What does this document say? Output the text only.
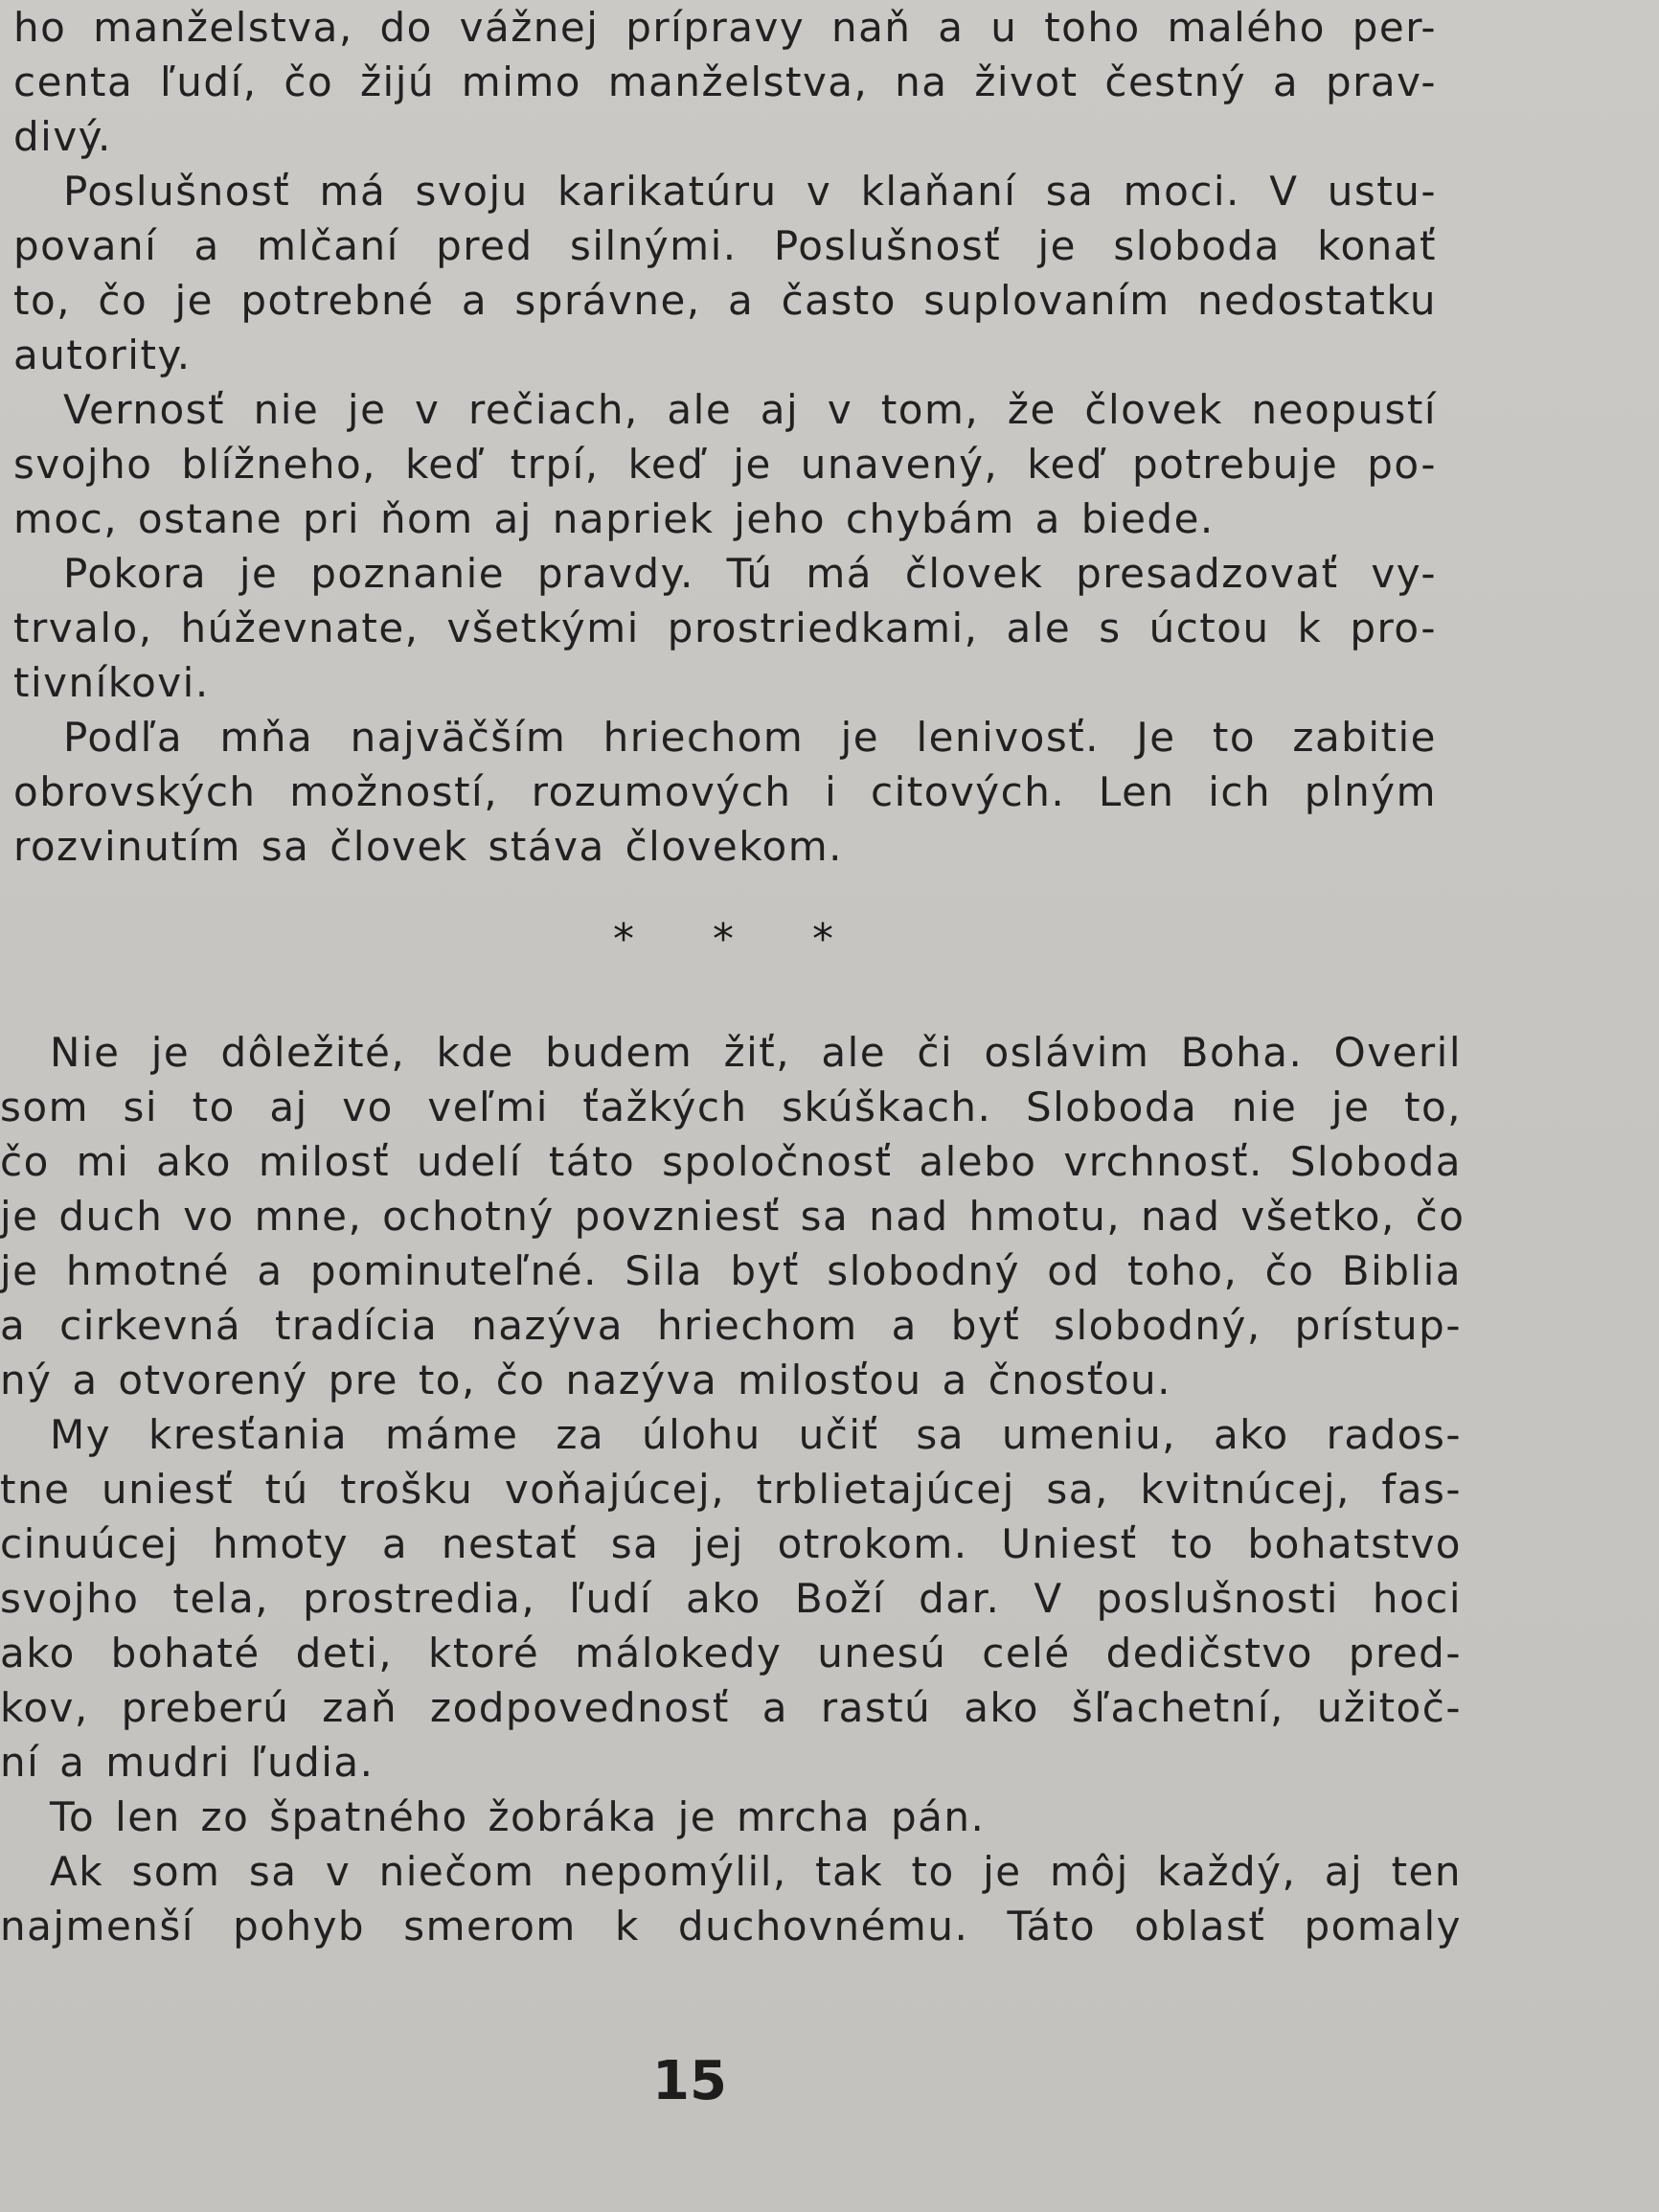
ho manželstva, do vážnej prípravy naň a u toho malého per-
centa ľudí, čo žijú mimo manželstva, na život čestný a prav-
divý.
Poslušnosť má svoju karikatúru v klaňaní sa moci. V ustu-
povaní a mlčaní pred silnými. Poslušnosť je sloboda konať
to, čo je potrebné a správne, a často suplovaním nedostatku
autority.
Vernosť nie je v rečiach, ale aj v tom, že človek neopustí
svojho blížneho, keď trpí, keď je unavený, keď potrebuje po-
moc, ostane pri ňom aj napriek jeho chybám a biede.
Pokora je poznanie pravdy. Tú má človek presadzovať vy-
trvalo, húževnate, všetkými prostriedkami, ale s úctou k pro-
tivníkovi.
Podľa mňa najväčším hriechom je lenivosť. Je to zabitie
obrovských možností, rozumových i citových. Len ich plným
rozvinutím sa človek stáva človekom.
* * *
Nie je dôležité, kde budem žiť, ale či oslávim Boha. Overil
som si to aj vo veľmi ťažkých skúškach. Sloboda nie je to,
čo mi ako milosť udelí táto spoločnosť alebo vrchnosť. Sloboda
je duch vo mne, ochotný povzniesť sa nad hmotu, nad všetko, čo
je hmotné a pominuteľné. Sila byť slobodný od toho, čo Biblia
a cirkevná tradícia nazýva hriechom a byť slobodný, prístup-
ný a otvorený pre to, čo nazýva milosťou a čnosťou.
My kresťania máme za úlohu učiť sa umeniu, ako rados-
tne uniesť tú trošku voňajúcej, trblietajúcej sa, kvitnúcej, fas-
cinuúcej hmoty a nestať sa jej otrokom. Uniesť to bohatstvo
svojho tela, prostredia, ľudí ako Boží dar. V poslušnosti hoci
ako bohaté deti, ktoré málokedy unesú celé dedičstvo pred-
kov, preberú zaň zodpovednosť a rastú ako šľachetní, užitoč-
ní a mudri ľudia.
To len zo špatného žobráka je mrcha pán.
Ak som sa v niečom nepomýlil, tak to je môj každý, aj ten
najmenší pohyb smerom k duchovnému. Táto oblasť pomaly
15
